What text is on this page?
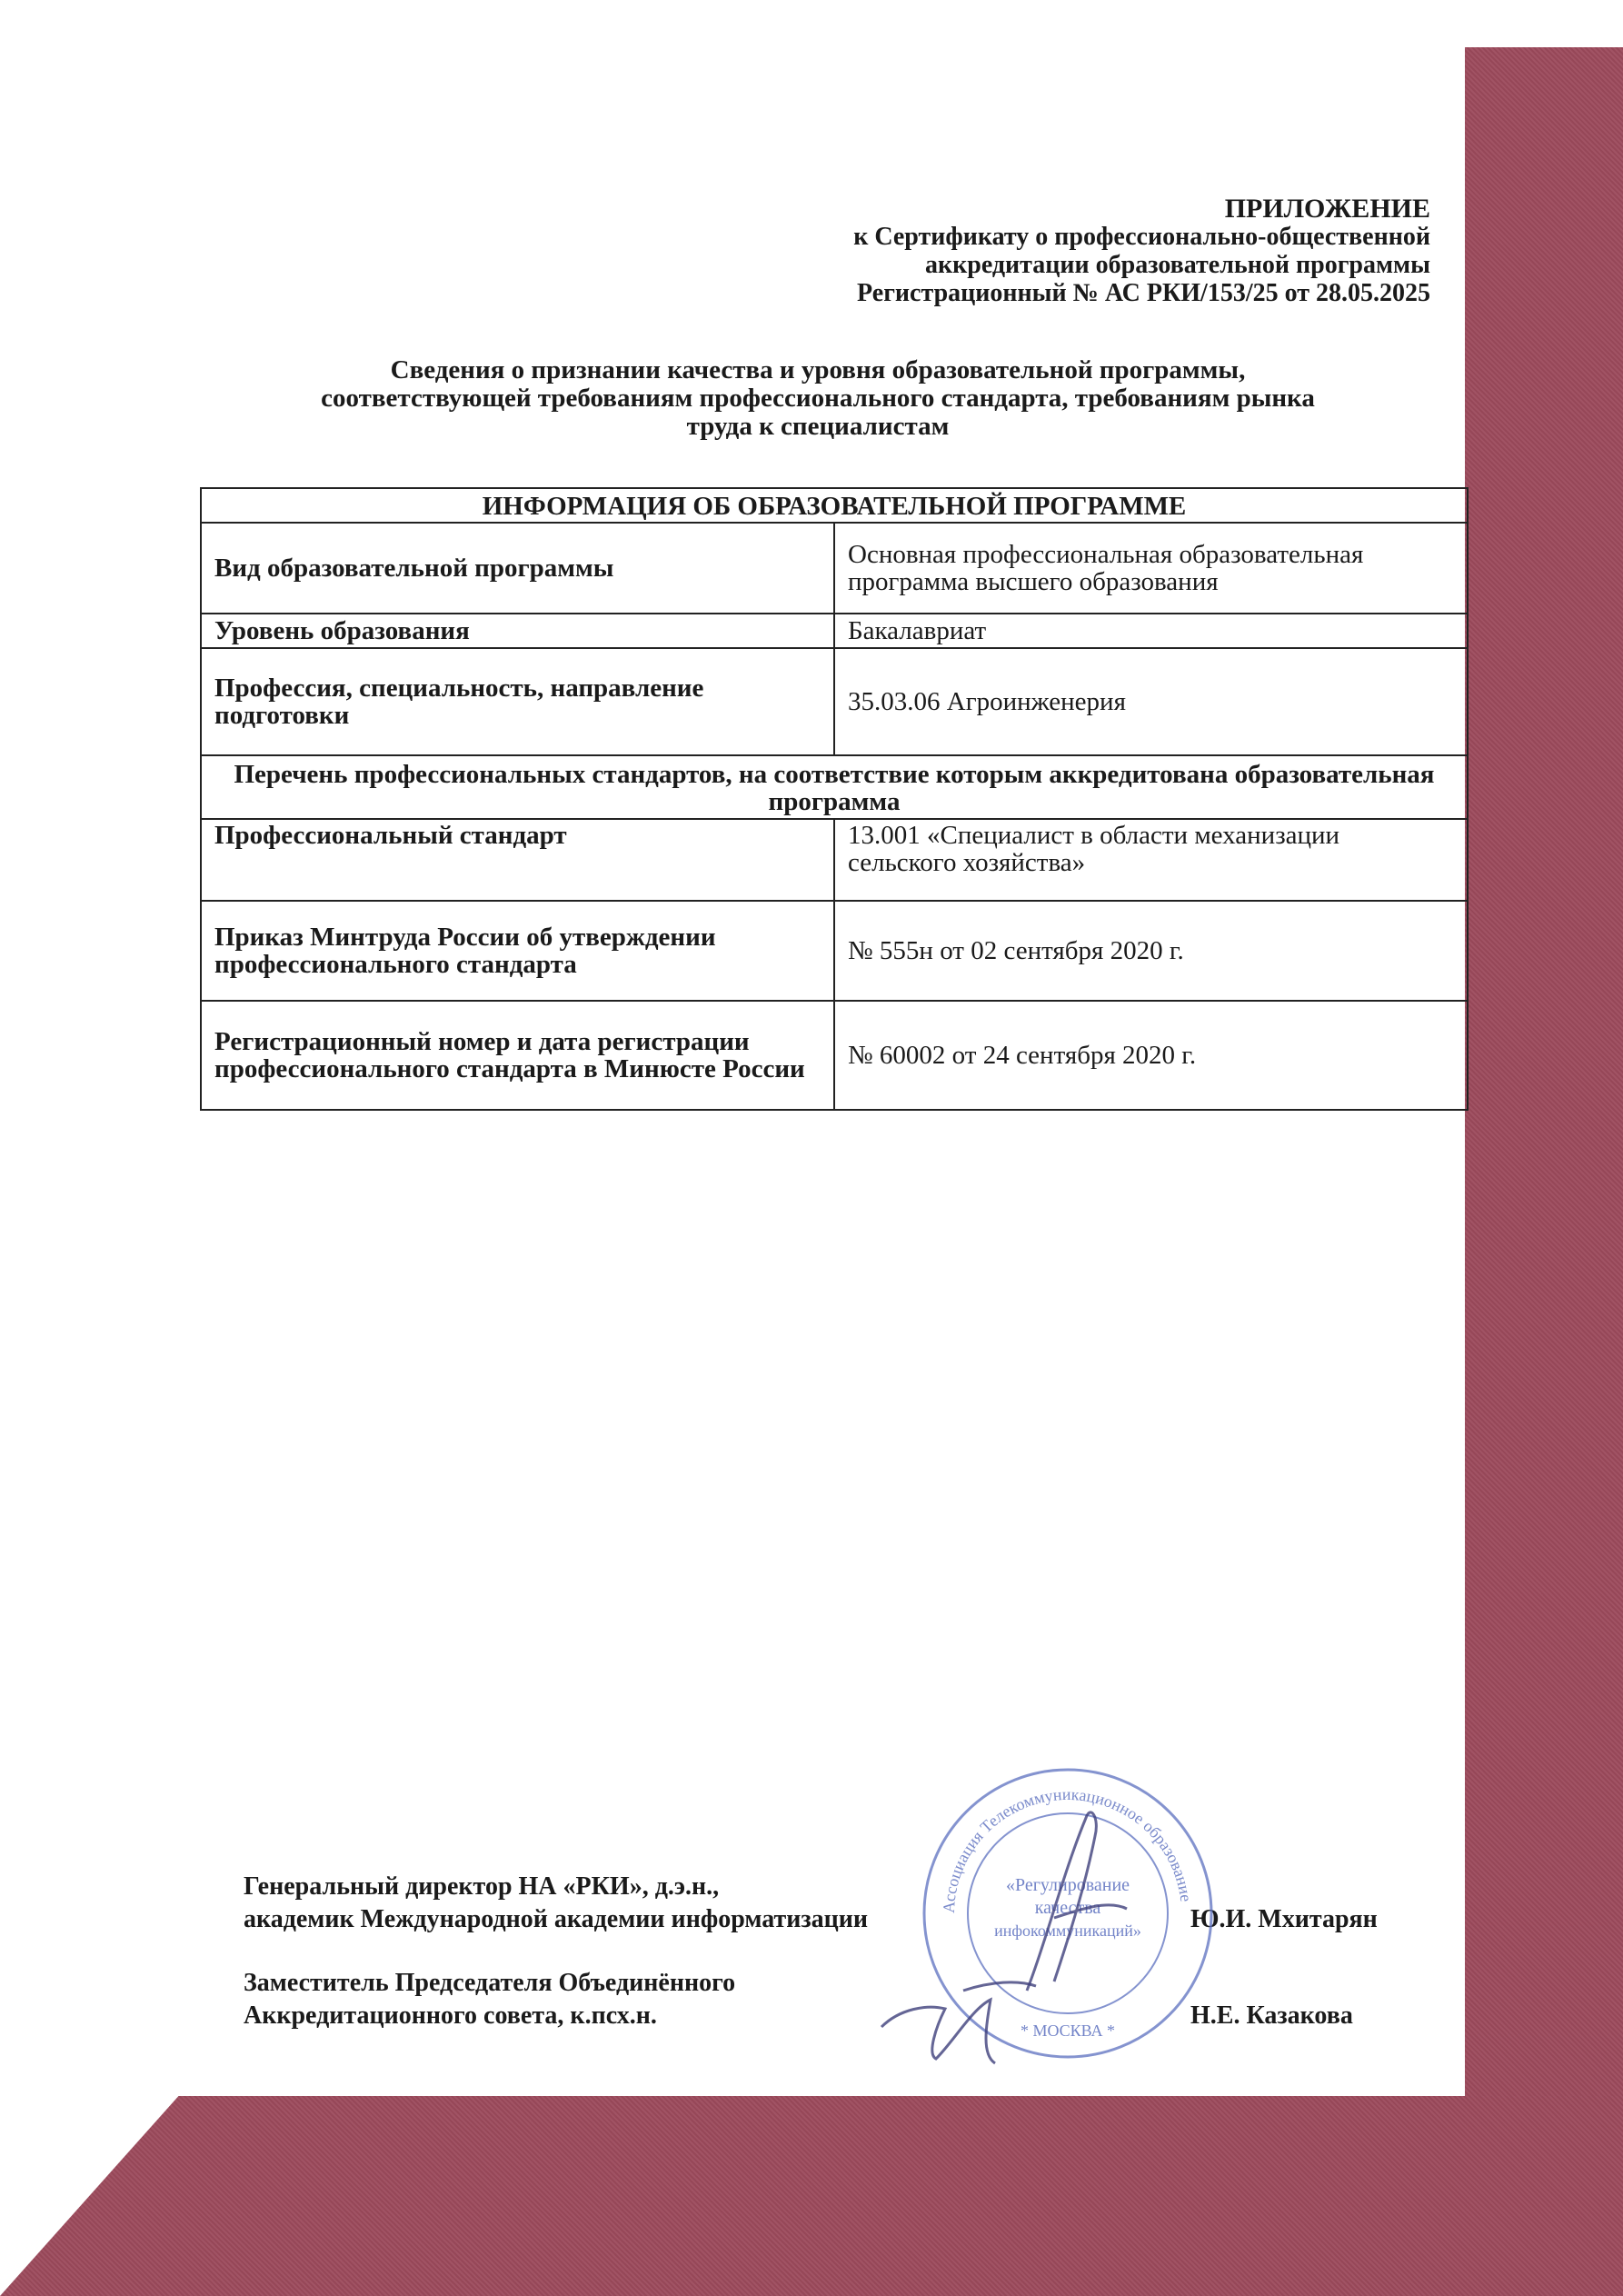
ПРИЛОЖЕНИЕ
к Сертификату о профессионально-общественной
аккредитации образовательной программы
Регистрационный № АС РКИ/153/25 от 28.05.2025
Сведения о признании качества и уровня образовательной программы,
соответствующей требованиям профессионального стандарта, требованиям рынка
труда к специалистам
ИНФОРМАЦИЯ ОБ ОБРАЗОВАТЕЛЬНОЙ ПРОГРАММЕ	
Вид образовательной программы	Основная профессиональная образовательная программа высшего образования
Уровень образования	Бакалавриат
Профессия, специальность, направление подготовки	35.03.06 Агроинженерия
Перечень профессиональных стандартов, на соответствие которым аккредитована образовательная программа	
Профессиональный стандарт	13.001 «Специалист в области механизации сельского хозяйства»
Приказ Минтруда России об утверждении профессионального стандарта	№ 555н от 02 сентября 2020 г.
Регистрационный номер и дата регистрации профессионального стандарта в Минюсте России	№ 60002 от 24 сентября 2020 г.
Генеральный директор НА «РКИ», д.э.н.,
академик Международной академии информатизации	Ю.И. Мхитарян
Заместитель Председателя Объединённого
Аккредитационного совета, к.псх.н.	Н.Е. Казакова
Ассоциация Телекоммуникационное образование
«Регулирование
качества
инфокоммуникаций»
* МОСКВА *
